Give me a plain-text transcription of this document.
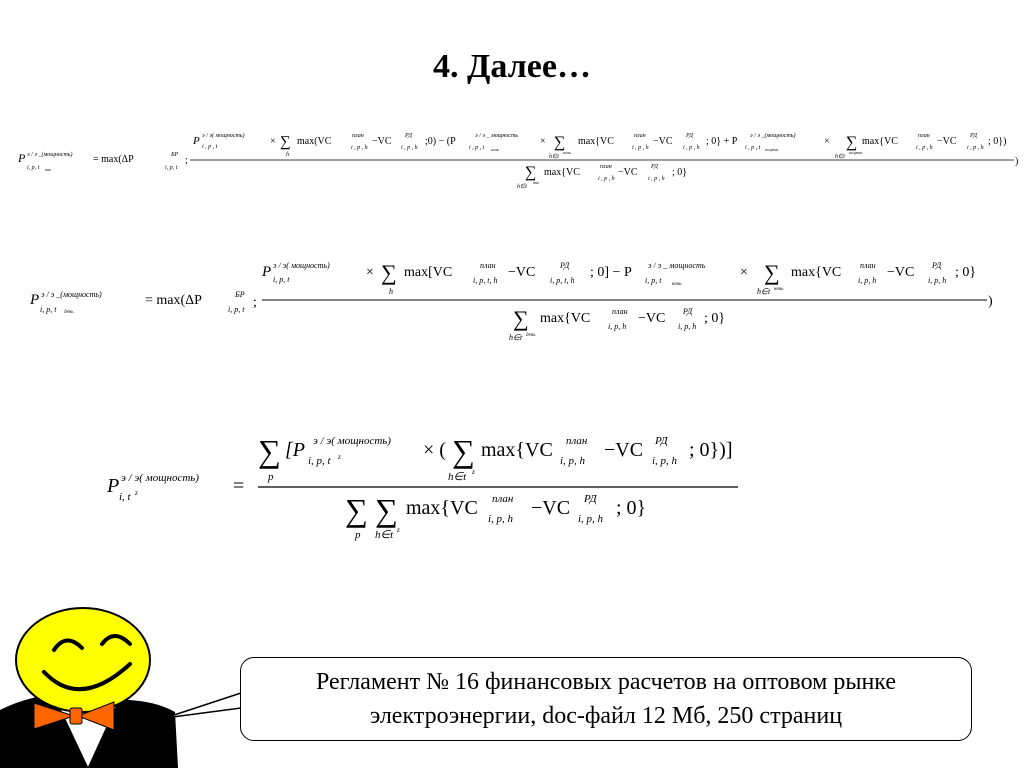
4. Далее…
P э / э _(мощность)
i, p, t пик
= max(ΔP	БР
i, p, t
;
P э / э( мощность)
i , p , t	× ∑
h
max(VC	план
i , p , h
−VC РД
i , p , h
;0) − (P	э / э _ мощность
i , p , t ночь
× ∑
h∈t
ночь
max{VC	план
i , p , h
−VC РД
i , p , h
; 0} + P э / э _(мощность)
i , p , t полупик
× ∑
h∈t
полупик
max{VC	план
i , p , h
−VC РД
i , p , h
; 0})
)
∑
h∈t
пик
max{VC	план
i , p , h
−VC РД
i , p , h
; 0}
P э / э _(мощность)
i, p, t день
= max(ΔP	БР
i, p, t ;
P э / э( мощность)
i, p, t	× ∑
h
max[VC	план
i, p, t, h
−VC	РД
i, p, t, h
; 0] − P э / э _ мощность
i, p, t ночь
× ∑
h∈t ночь
max{VC план
i, p, h
−VC РД
i, p, h
; 0}
)
∑
h∈t день
max{VC	план
i, p, h
−VC РД
i, p, h
; 0}
P э / э( мощность)
i, t z	=
∑
p
[P э / э( мощность)
i, p, t z	× ( ∑
h∈t z
max{VC план
i, p, h −VC РД
i, p, h ; 0})]
∑
p
∑
h∈t z
max{VC план
i, p, h −VC РД
i, p, h ; 0}
Регламент № 16 финансовых расчетов на оптовом рынке
электроэнергии, doc-файл 12 Мб, 250 страниц
